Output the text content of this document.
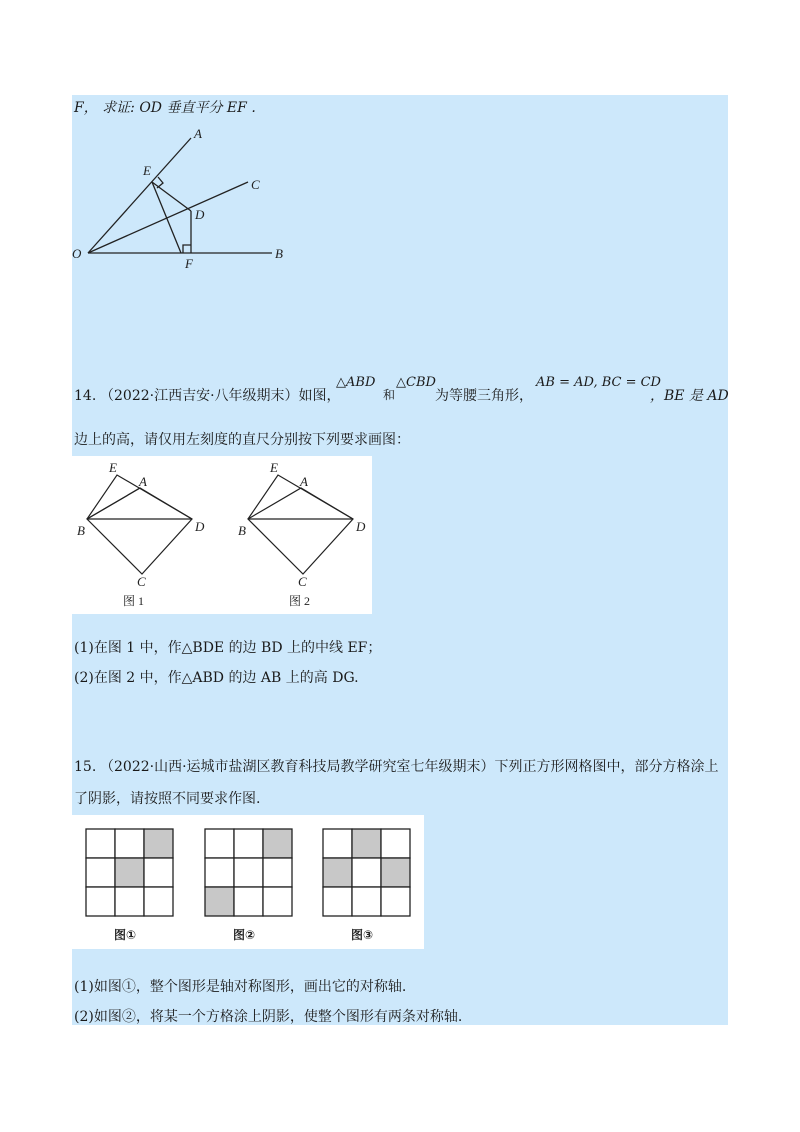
F， 求证: OD 垂直平分 EF .
A
C
E
D
O
F
B
14. （2022·江西吉安·八年级期末）如图，
△ABD
和
△CBD
为等腰三角形，
AB = AD, BC = CD
，BE 是 AD
边上的高，请仅用左刻度的直尺分别按下列要求画图：
E
A
B	D
C
图 1
E
A
B	D
C
图 2
(1)在图 1 中，作△BDE 的边 BD 上的中线 EF；
(2)在图 2 中，作△ABD 的边 AB 上的高 DG.
15. （2022·山西·运城市盐湖区教育科技局教学研究室七年级期末）下列正方形网格图中，部分方格涂上
了阴影，请按照不同要求作图.
图①	图②	图③
(1)如图①，整个图形是轴对称图形，画出它的对称轴.
(2)如图②，将某一个方格涂上阴影，使整个图形有两条对称轴.
